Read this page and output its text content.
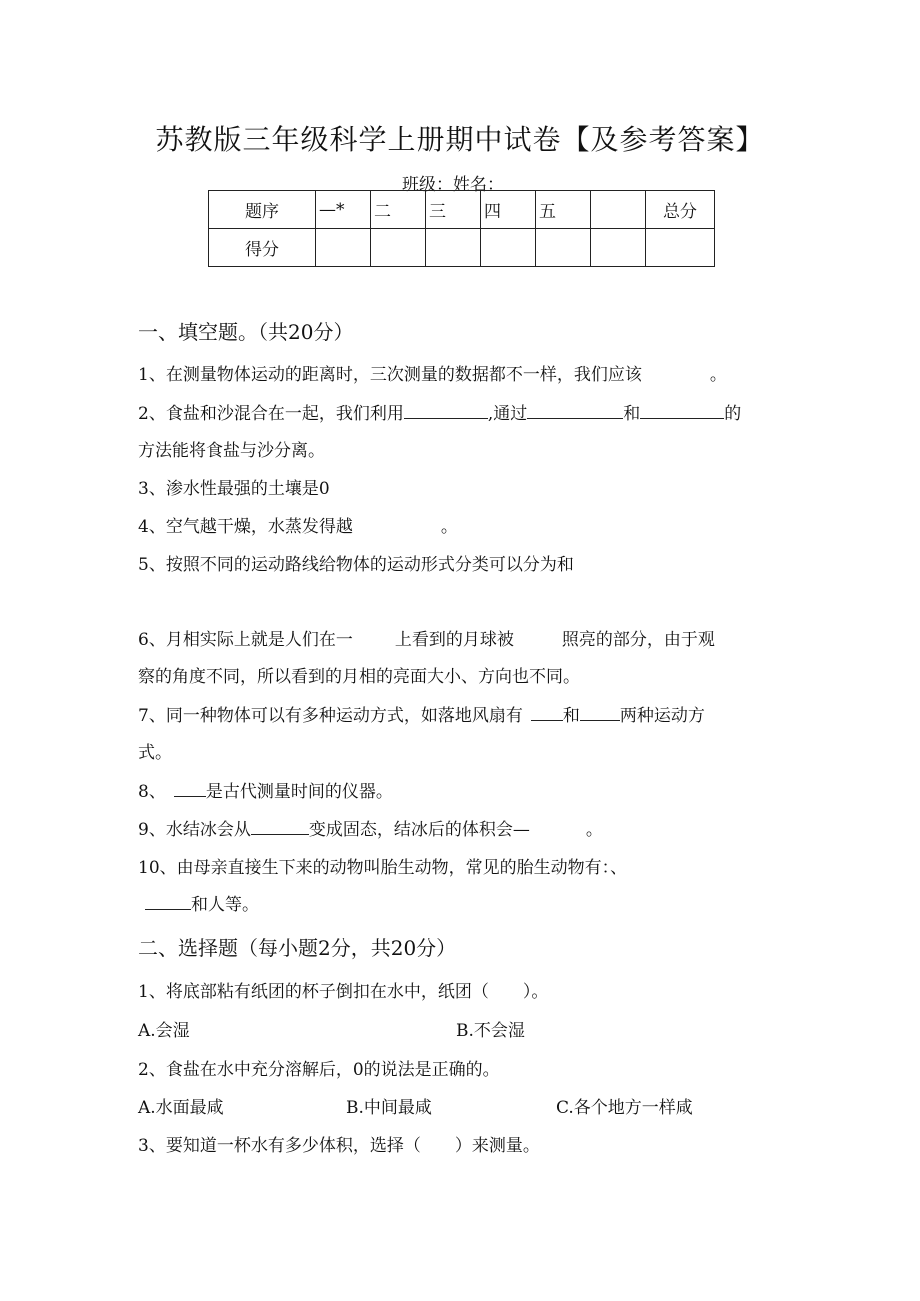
苏教版三年级科学上册期中试卷【及参考答案】
班级：姓名：
题序	—*	二	三	四	五		总分
得分							
一、填空题。（共20分）
1、在测量物体运动的距离时，三次测量的数据都不一样，我们应该	。
2、食盐和沙混合在一起，我们利用	,通过	和	的
方法能将食盐与沙分离。
3、渗水性最强的土壤是0
4、空气越干燥，水蒸发得越	。
5、按照不同的运动路线给物体的运动形式分类可以分为和
6、月相实际上就是人们在一 上看到的月球被	照亮的部分，由于观
察的角度不同，所以看到的月相的亮面大小、方向也不同。
7、同一种物体可以有多种运动方式，如落地风扇有 和 两种运动方
式。
8、 是古代测量时间的仪器。
9、水结冰会从	变成固态，结冰后的体积会—	。
10、由母亲直接生下来的动物叫胎生动物，常见的胎生动物有：、
和人等。
二、选择题（每小题2分，共20分）
1、将底部粘有纸团的杯子倒扣在水中，纸团（　　）。
A.会湿	B.不会湿
2、食盐在水中充分溶解后，0的说法是正确的。
A.水面最咸	B.中间最咸	C.各个地方一样咸
3、要知道一杯水有多少体积，选择（　　）来测量。
